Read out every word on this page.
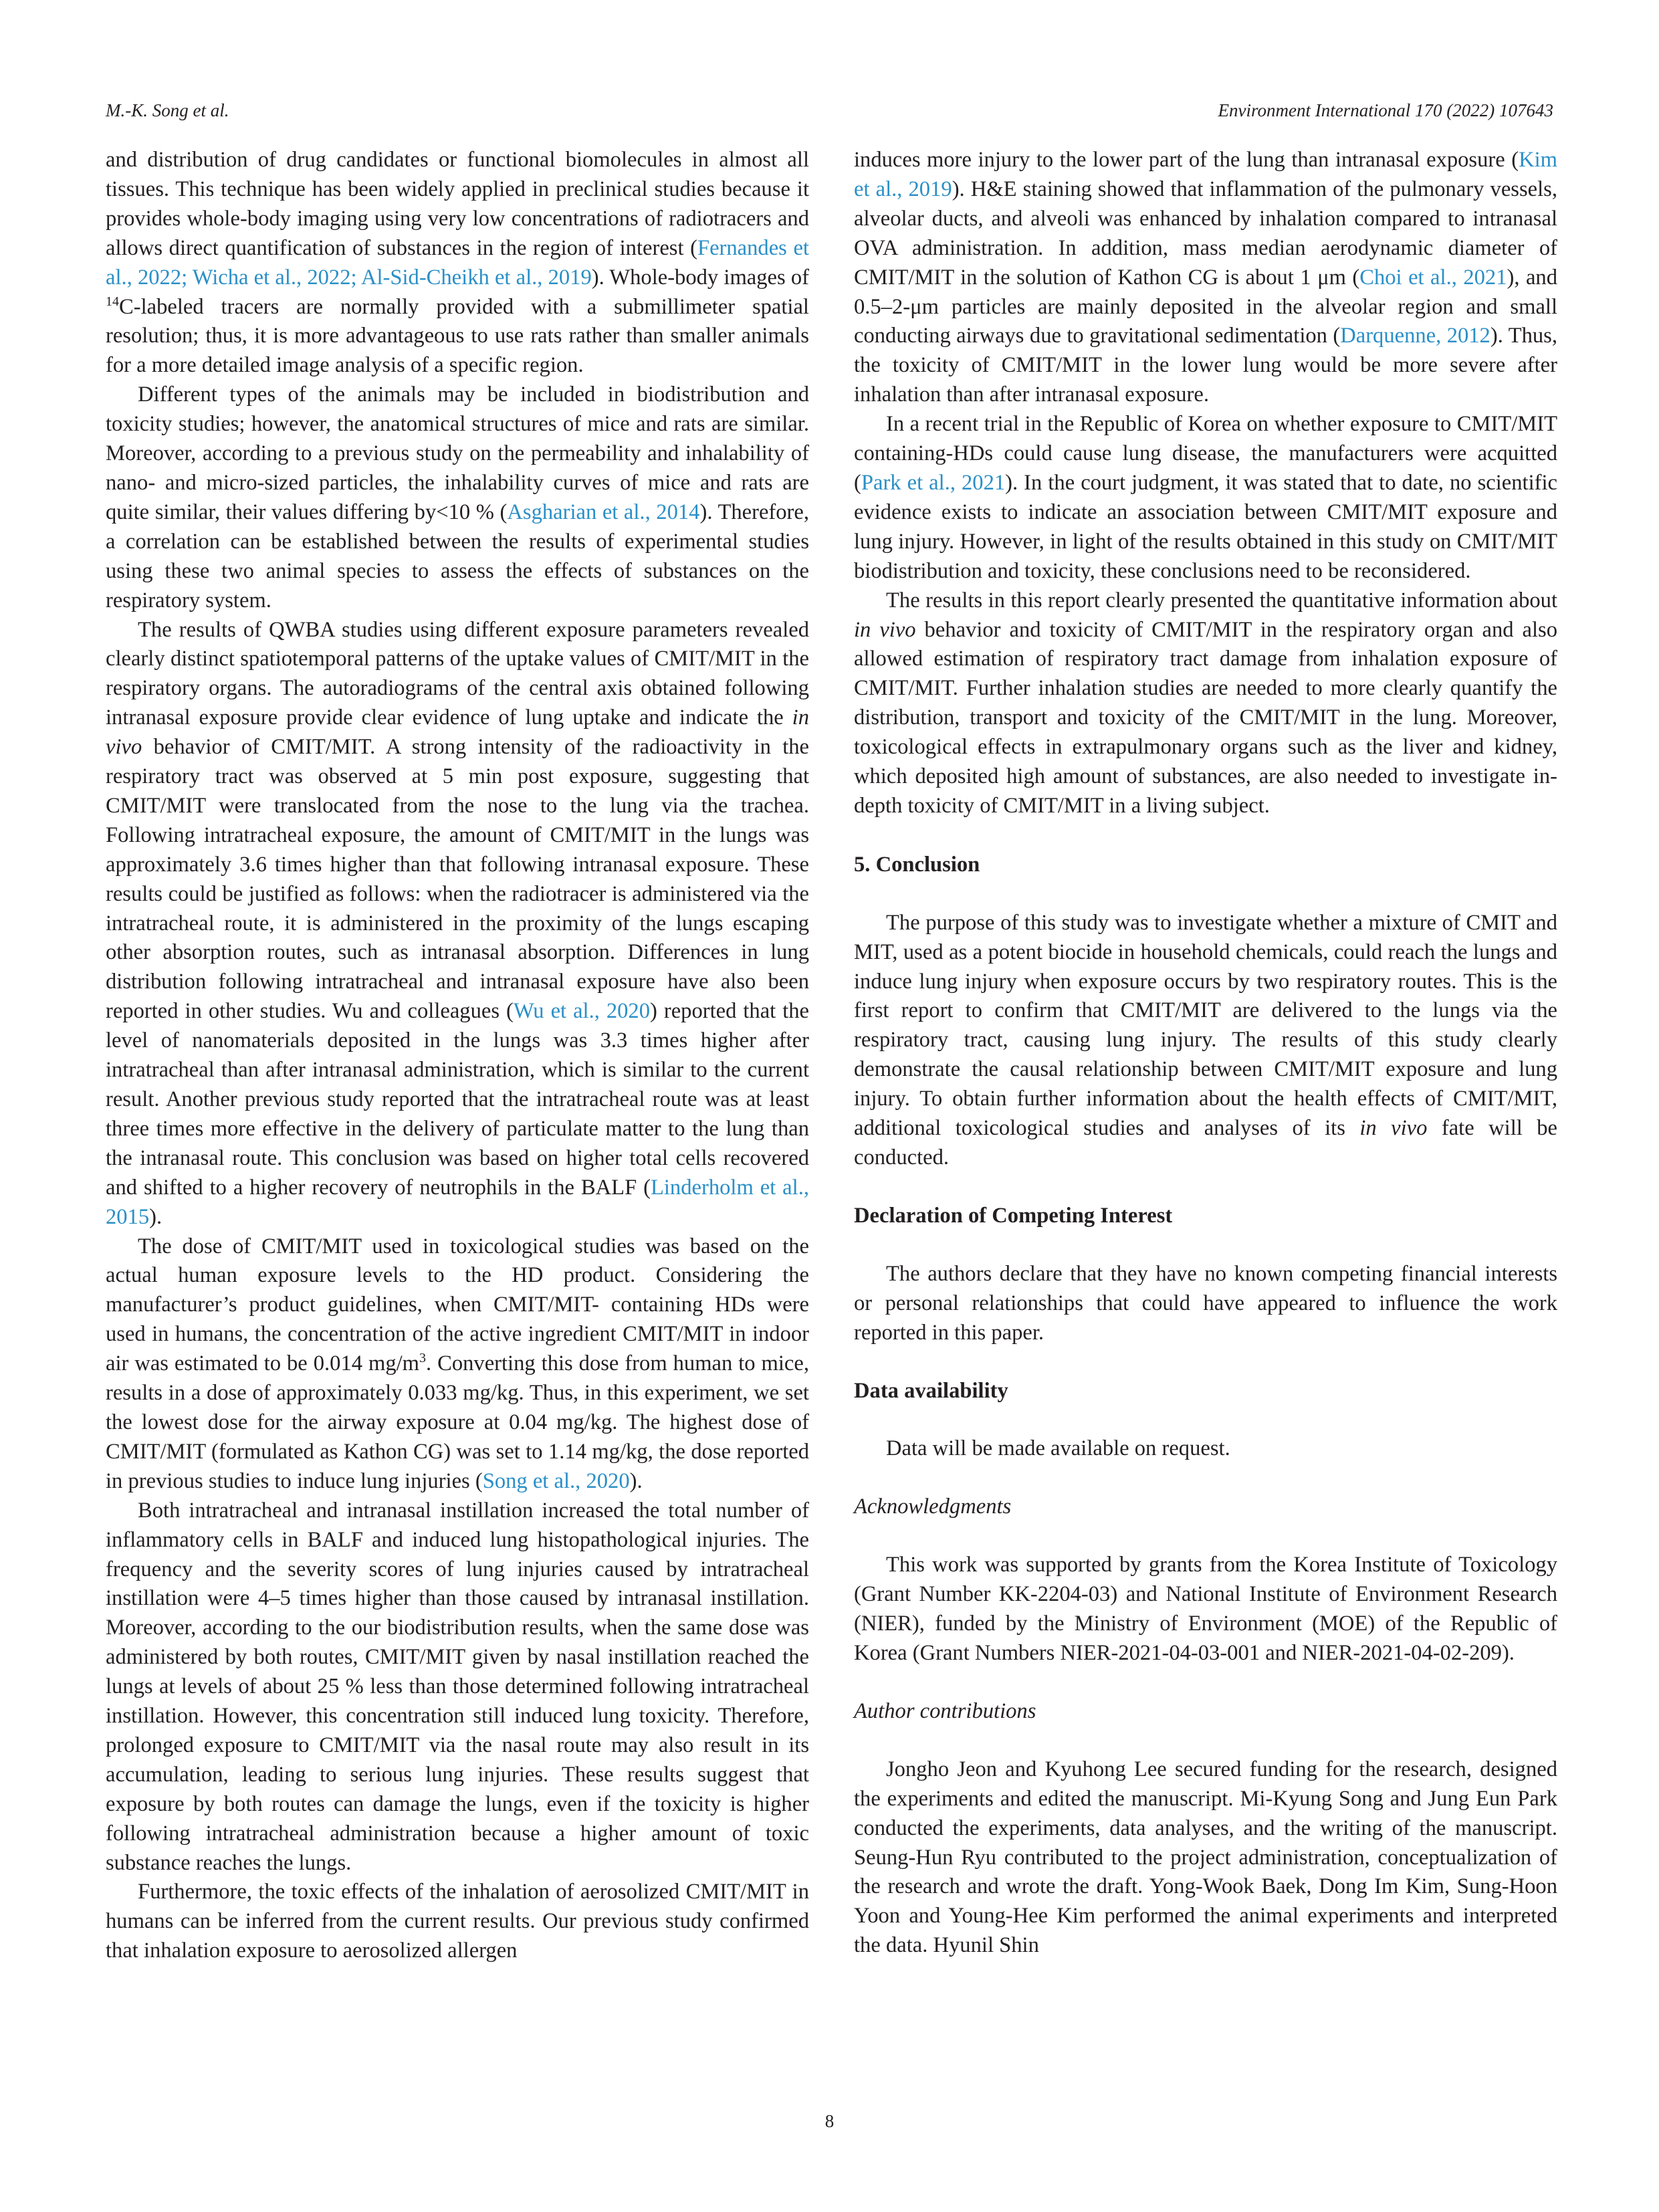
M.-K. Song et al.	Environment International 170 (2022) 107643

and distribution of drug candidates or functional biomolecules in almost all tissues. This technique has been widely applied in preclinical studies because it provides whole-body imaging using very low concentrations of radiotracers and allows direct quantification of substances in the region of interest (Fernandes et al., 2022; Wicha et al., 2022; Al-Sid-Cheikh et al., 2019). Whole-body images of $^{14}$C-labeled tracers are normally provided with a submillimeter spatial resolution; thus, it is more advantageous to use rats rather than smaller animals for a more detailed image analysis of a specific region.

Different types of the animals may be included in biodistribution and toxicity studies; however, the anatomical structures of mice and rats are similar. Moreover, according to a previous study on the permeability and inhalability of nano- and micro-sized particles, the inhalability curves of mice and rats are quite similar, their values differing by<10 % (Asgharian et al., 2014). Therefore, a correlation can be established between the results of experimental studies using these two animal species to assess the effects of substances on the respiratory system.

The results of QWBA studies using different exposure parameters revealed clearly distinct spatiotemporal patterns of the uptake values of CMIT/MIT in the respiratory organs. The autoradiograms of the central axis obtained following intranasal exposure provide clear evidence of lung uptake and indicate the in vivo behavior of CMIT/MIT. A strong intensity of the radioactivity in the respiratory tract was observed at 5 min post exposure, suggesting that CMIT/MIT were translocated from the nose to the lung via the trachea. Following intratracheal exposure, the amount of CMIT/MIT in the lungs was approximately 3.6 times higher than that following intranasal exposure. These results could be justified as follows: when the radiotracer is administered via the intratracheal route, it is administered in the proximity of the lungs escaping other absorption routes, such as intranasal absorption. Differences in lung distribution following intratracheal and intranasal exposure have also been reported in other studies. Wu and colleagues (Wu et al., 2020) reported that the level of nanomaterials deposited in the lungs was 3.3 times higher after intratracheal than after intranasal administration, which is similar to the current result. Another previous study reported that the intratracheal route was at least three times more effective in the delivery of particulate matter to the lung than the intranasal route. This conclusion was based on higher total cells recovered and shifted to a higher recovery of neutrophils in the BALF (Linderholm et al., 2015).

The dose of CMIT/MIT used in toxicological studies was based on the actual human exposure levels to the HD product. Considering the manufacturer’s product guidelines, when CMIT/MIT- containing HDs were used in humans, the concentration of the active ingredient CMIT/MIT in indoor air was estimated to be 0.014 $mg/m^3$. Converting this dose from human to mice, results in a dose of approximately 0.033 mg/kg. Thus, in this experiment, we set the lowest dose for the airway exposure at 0.04 mg/kg. The highest dose of CMIT/MIT (formulated as Kathon CG) was set to 1.14 mg/kg, the dose reported in previous studies to induce lung injuries (Song et al., 2020).

Both intratracheal and intranasal instillation increased the total number of inflammatory cells in BALF and induced lung histopathological injuries. The frequency and the severity scores of lung injuries caused by intratracheal instillation were 4–5 times higher than those caused by intranasal instillation. Moreover, according to the our biodistribution results, when the same dose was administered by both routes, CMIT/MIT given by nasal instillation reached the lungs at levels of about 25 % less than those determined following intratracheal instillation. However, this concentration still induced lung toxicity. Therefore, prolonged exposure to CMIT/MIT via the nasal route may also result in its accumulation, leading to serious lung injuries. These results suggest that exposure by both routes can damage the lungs, even if the toxicity is higher following intratracheal administration because a higher amount of toxic substance reaches the lungs.

Furthermore, the toxic effects of the inhalation of aerosolized CMIT/MIT in humans can be inferred from the current results. Our previous study confirmed that inhalation exposure to aerosolized allergen

induces more injury to the lower part of the lung than intranasal exposure (Kim et al., 2019). H&E staining showed that inflammation of the pulmonary vessels, alveolar ducts, and alveoli was enhanced by inhalation compared to intranasal OVA administration. In addition, mass median aerodynamic diameter of CMIT/MIT in the solution of Kathon CG is about 1 μm (Choi et al., 2021), and 0.5–2-μm particles are mainly deposited in the alveolar region and small conducting airways due to gravitational sedimentation (Darquenne, 2012). Thus, the toxicity of CMIT/MIT in the lower lung would be more severe after inhalation than after intranasal exposure.

In a recent trial in the Republic of Korea on whether exposure to CMIT/MIT containing-HDs could cause lung disease, the manufacturers were acquitted (Park et al., 2021). In the court judgment, it was stated that to date, no scientific evidence exists to indicate an association between CMIT/MIT exposure and lung injury. However, in light of the results obtained in this study on CMIT/MIT biodistribution and toxicity, these conclusions need to be reconsidered.

The results in this report clearly presented the quantitative information about in vivo behavior and toxicity of CMIT/MIT in the respiratory organ and also allowed estimation of respiratory tract damage from inhalation exposure of CMIT/MIT. Further inhalation studies are needed to more clearly quantify the distribution, transport and toxicity of the CMIT/MIT in the lung. Moreover, toxicological effects in extrapulmonary organs such as the liver and kidney, which deposited high amount of substances, are also needed to investigate in-depth toxicity of CMIT/MIT in a living subject.

5. Conclusion

The purpose of this study was to investigate whether a mixture of CMIT and MIT, used as a potent biocide in household chemicals, could reach the lungs and induce lung injury when exposure occurs by two respiratory routes. This is the first report to confirm that CMIT/MIT are delivered to the lungs via the respiratory tract, causing lung injury. The results of this study clearly demonstrate the causal relationship between CMIT/MIT exposure and lung injury. To obtain further information about the health effects of CMIT/MIT, additional toxicological studies and analyses of its in vivo fate will be conducted.

Declaration of Competing Interest

The authors declare that they have no known competing financial interests or personal relationships that could have appeared to influence the work reported in this paper.

Data availability

Data will be made available on request.

Acknowledgments

This work was supported by grants from the Korea Institute of Toxicology (Grant Number KK-2204-03) and National Institute of Environment Research (NIER), funded by the Ministry of Environment (MOE) of the Republic of Korea (Grant Numbers NIER-2021-04-03-001 and NIER-2021-04-02-209).

Author contributions

Jongho Jeon and Kyuhong Lee secured funding for the research, designed the experiments and edited the manuscript. Mi-Kyung Song and Jung Eun Park conducted the experiments, data analyses, and the writing of the manuscript. Seung-Hun Ryu contributed to the project administration, conceptualization of the research and wrote the draft. Yong-Wook Baek, Dong Im Kim, Sung-Hoon Yoon and Young-Hee Kim performed the animal experiments and interpreted the data. Hyunil Shin

8
